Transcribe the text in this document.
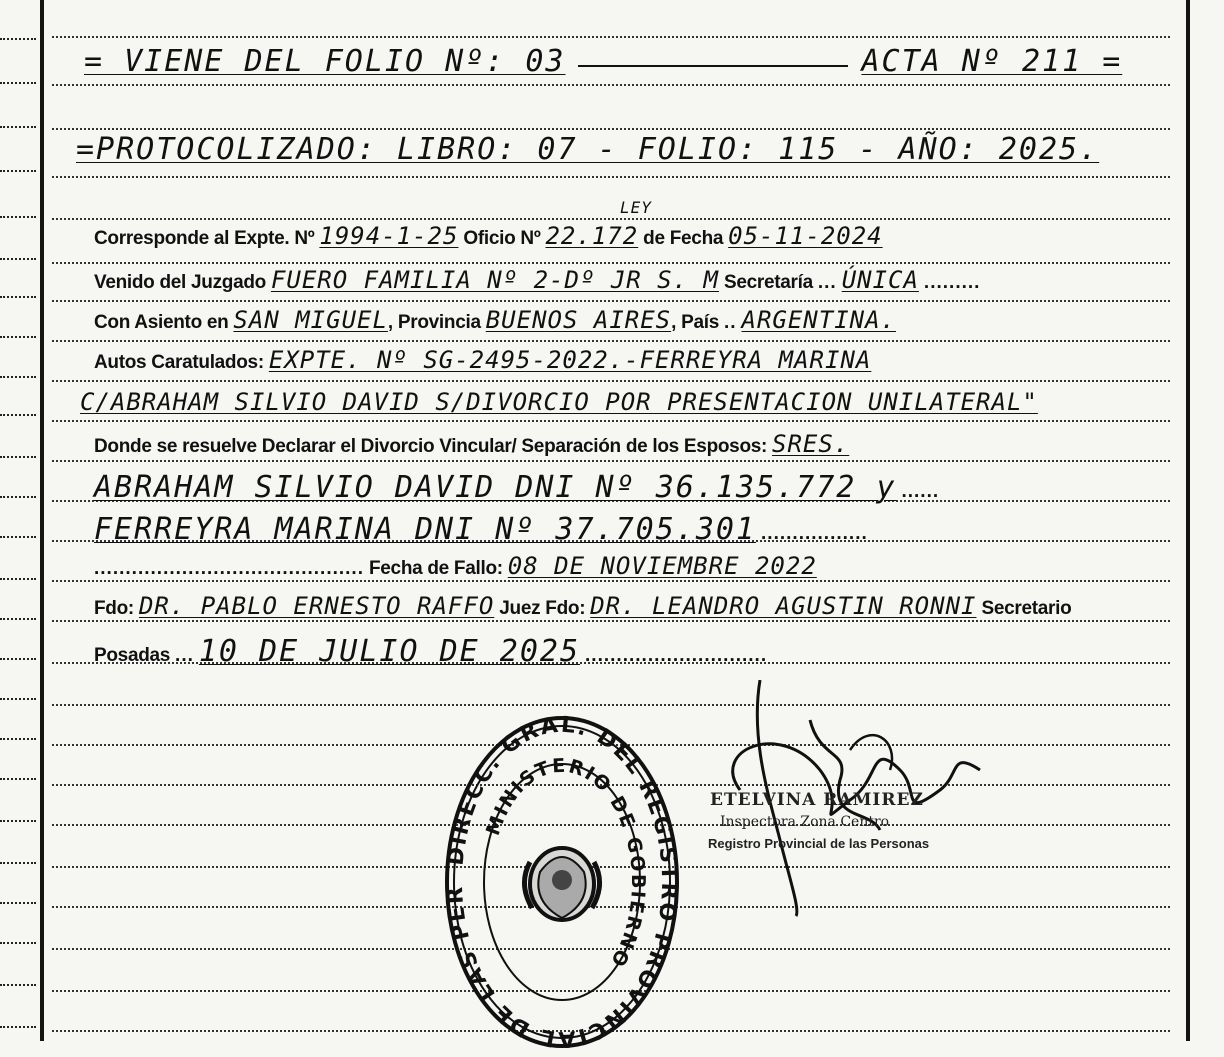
= VIENE DEL FOLIO Nº: 03	ACTA Nº 211 =
=PROTOCOLIZADO: LIBRO: 07 - FOLIO: 115 - AÑO: 2025.
LEY
Corresponde al Expte. Nº 1994-1-25 Oficio Nº 22.172 de Fecha 05-11-2024
Venido del Juzgado FUERO FAMILIA Nº 2-Dº JR S. M Secretaría ... ÚNICA .........
Con Asiento en SAN MIGUEL, Provincia BUENOS AIRES, País .. ARGENTINA.
Autos Caratulados: EXPTE. Nº SG-2495-2022.-FERREYRA MARINA
C/ABRAHAM SILVIO DAVID S/DIVORCIO POR PRESENTACION UNILATERAL"
Donde se resuelve Declarar el Divorcio Vincular/ Separación de los Esposos: SRES.
ABRAHAM SILVIO DAVID DNI Nº 36.135.772 y ......
FERREYRA MARINA DNI Nº 37.705.301 .................
........................................... Fecha de Fallo: 08 DE NOVIEMBRE 2022
Fdo: DR. PABLO ERNESTO RAFFO Juez Fdo: DR. LEANDRO AGUSTIN RONNI Secretario
Posadas ... 10 DE JULIO DE 2025 .............................
DIRECC. GRAL. DEL REGISTRO PROVINCIAL DE LAS PER
MINISTERIO DE GOBIERNO
ETELVINA RAMIREZ
Inspectora Zona Centro
Registro Provincial de las Personas
